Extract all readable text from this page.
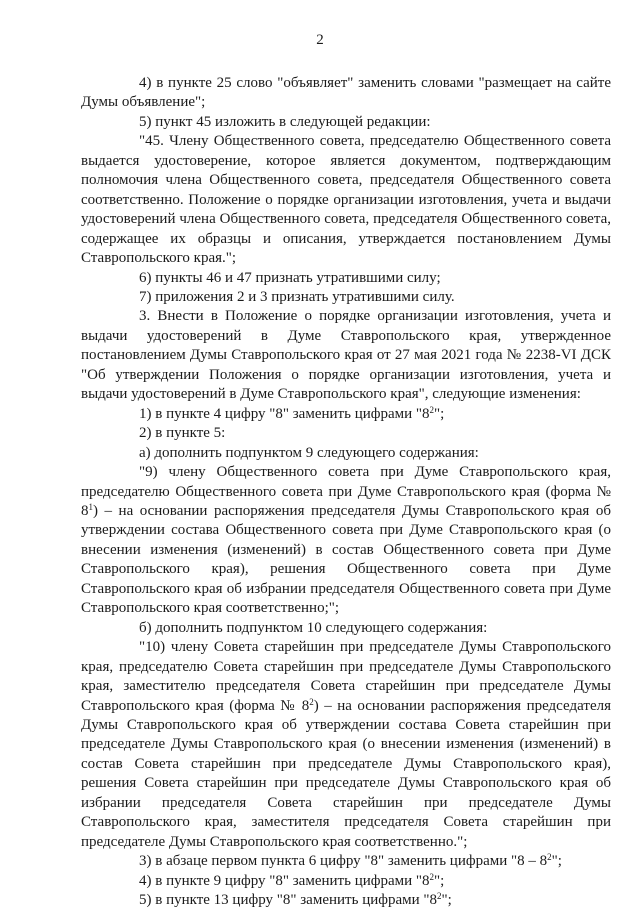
2

4) в пункте 25 слово "объявляет" заменить словами "размещает на сайте Думы объявление";

5) пункт 45 изложить в следующей редакции:

"45. Члену Общественного совета, председателю Общественного совета выдается удостоверение, которое является документом, подтверждающим полномочия члена Общественного совета, председателя Общественного совета соответственно. Положение о порядке организации изготовления, учета и выдачи удостоверений члена Общественного совета, председателя Общественного совета, содержащее их образцы и описания, утверждается постановлением Думы Ставропольского края.";

6) пункты 46 и 47 признать утратившими силу;

7) приложения 2 и 3 признать утратившими силу.

3. Внести в Положение о порядке организации изготовления, учета и выдачи удостоверений в Думе Ставропольского края, утвержденное постановлением Думы Ставропольского края от 27 мая 2021 года № 2238-VI ДСК "Об утверждении Положения о порядке организации изготовления, учета и выдачи удостоверений в Думе Ставропольского края", следующие изменения:

1) в пункте 4 цифру "8" заменить цифрами "$8^2$";

2) в пункте 5:

а) дополнить подпунктом 9 следующего содержания:

"9) члену Общественного совета при Думе Ставропольского края, председателю Общественного совета при Думе Ставропольского края (форма № $8^1$) – на основании распоряжения председателя Думы Ставропольского края об утверждении состава Общественного совета при Думе Ставропольского края (о внесении изменения (изменений) в состав Общественного совета при Думе Ставропольского края), решения Общественного совета при Думе Ставропольского края об избрании председателя Общественного совета при Думе Ставропольского края соответственно;";

б) дополнить подпунктом 10 следующего содержания:

"10) члену Совета старейшин при председателе Думы Ставропольского края, председателю Совета старейшин при председателе Думы Ставропольского края, заместителю председателя Совета старейшин при председателе Думы Ставропольского края (форма № $8^2$) – на основании распоряжения председателя Думы Ставропольского края об утверждении состава Совета старейшин при председателе Думы Ставропольского края (о внесении изменения (изменений) в состав Совета старейшин при председателе Думы Ставропольского края), решения Совета старейшин при председателе Думы Ставропольского края об избрании председателя Совета старейшин при председателе Думы Ставропольского края, заместителя председателя Совета старейшин при председателе Думы Ставропольского края соответственно.";

3) в абзаце первом пункта 6 цифру "8" заменить цифрами "$8 - 8^2$";

4) в пункте 9 цифру "8" заменить цифрами "$8^2$";

5) в пункте 13 цифру "8" заменить цифрами "$8^2$";
